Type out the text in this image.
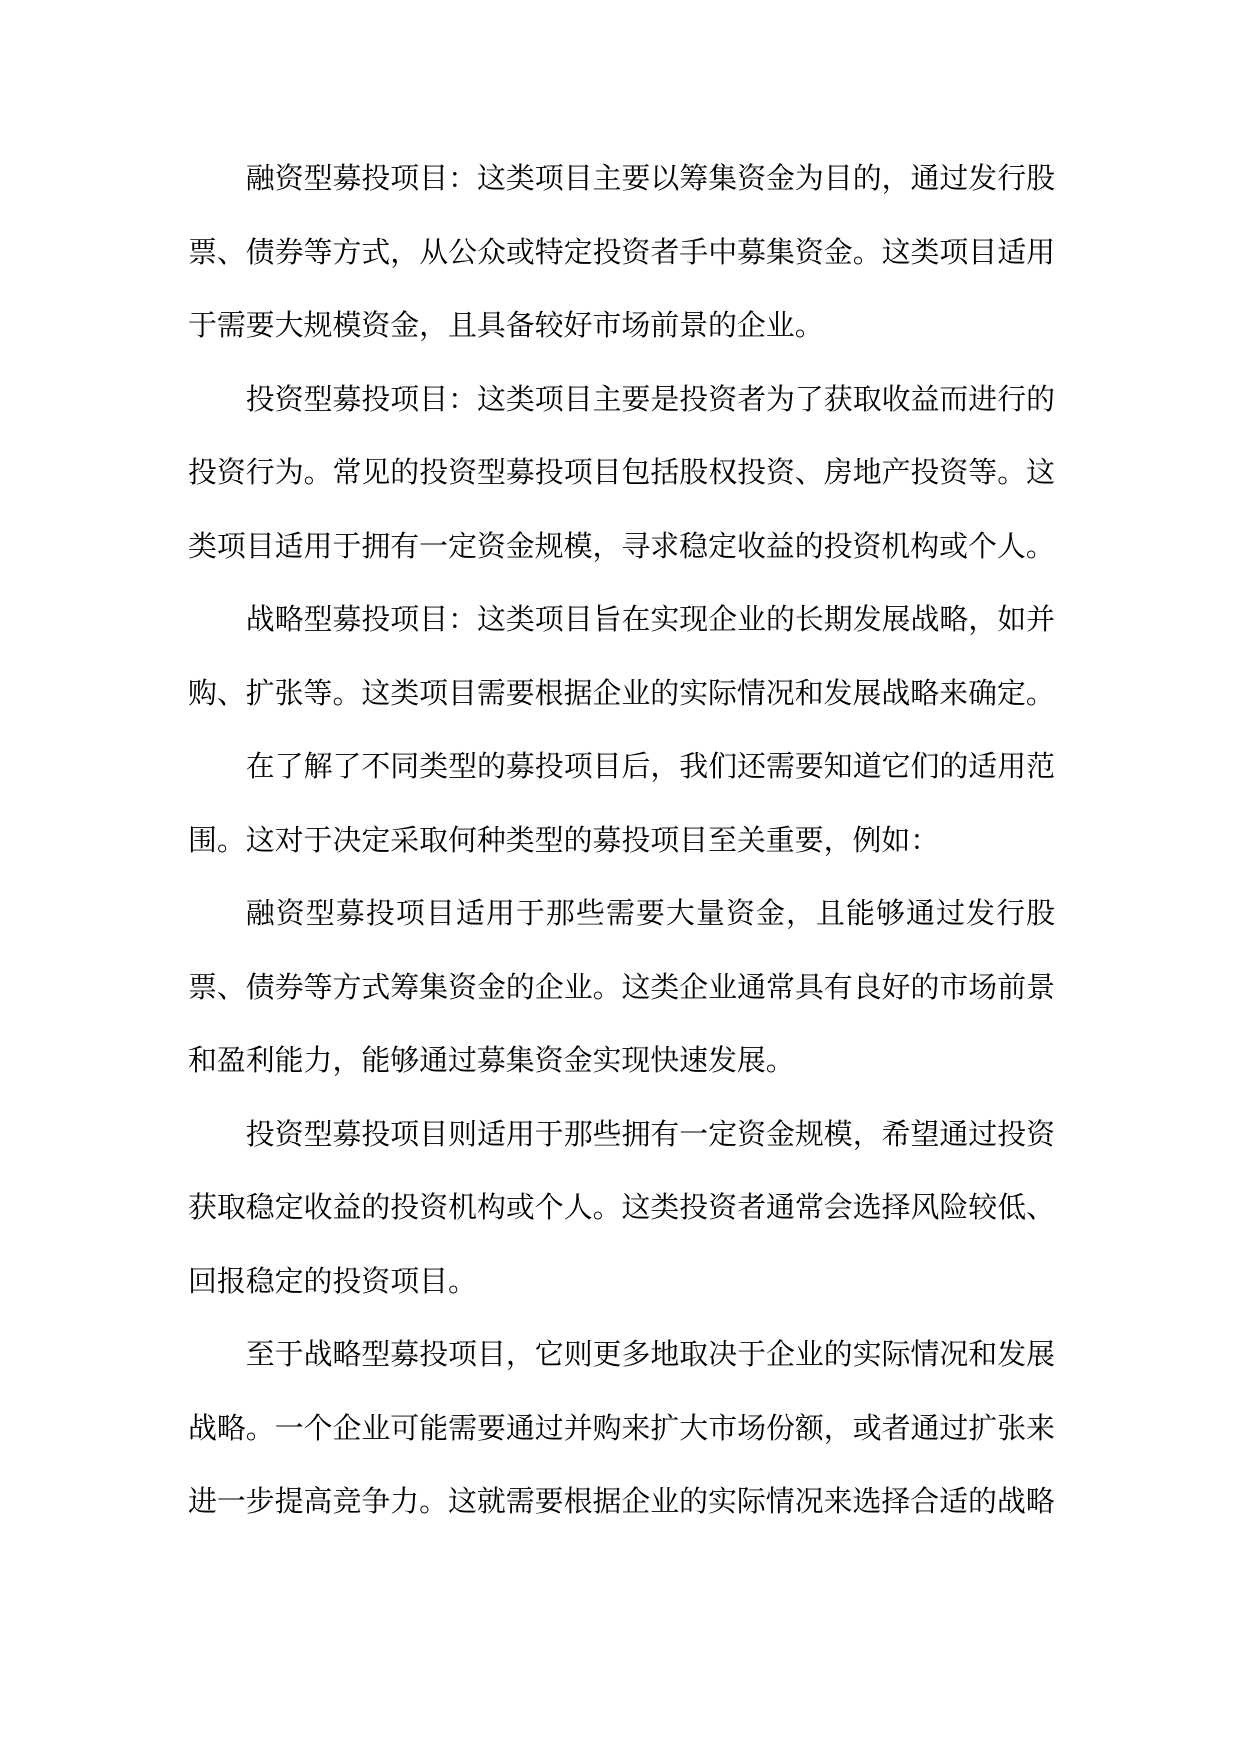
融资型募投项目：这类项目主要以筹集资金为目的，通过发行股票、债券等方式，从公众或特定投资者手中募集资金。这类项目适用于需要大规模资金，且具备较好市场前景的企业。

投资型募投项目：这类项目主要是投资者为了获取收益而进行的投资行为。常见的投资型募投项目包括股权投资、房地产投资等。这类项目适用于拥有一定资金规模，寻求稳定收益的投资机构或个人。

战略型募投项目：这类项目旨在实现企业的长期发展战略，如并购、扩张等。这类项目需要根据企业的实际情况和发展战略来确定。

在了解了不同类型的募投项目后，我们还需要知道它们的适用范围。这对于决定采取何种类型的募投项目至关重要，例如：

融资型募投项目适用于那些需要大量资金，且能够通过发行股票、债券等方式筹集资金的企业。这类企业通常具有良好的市场前景和盈利能力，能够通过募集资金实现快速发展。

投资型募投项目则适用于那些拥有一定资金规模，希望通过投资获取稳定收益的投资机构或个人。这类投资者通常会选择风险较低、回报稳定的投资项目。

至于战略型募投项目，它则更多地取决于企业的实际情况和发展战略。一个企业可能需要通过并购来扩大市场份额，或者通过扩张来进一步提高竞争力。这就需要根据企业的实际情况来选择合适的战略
